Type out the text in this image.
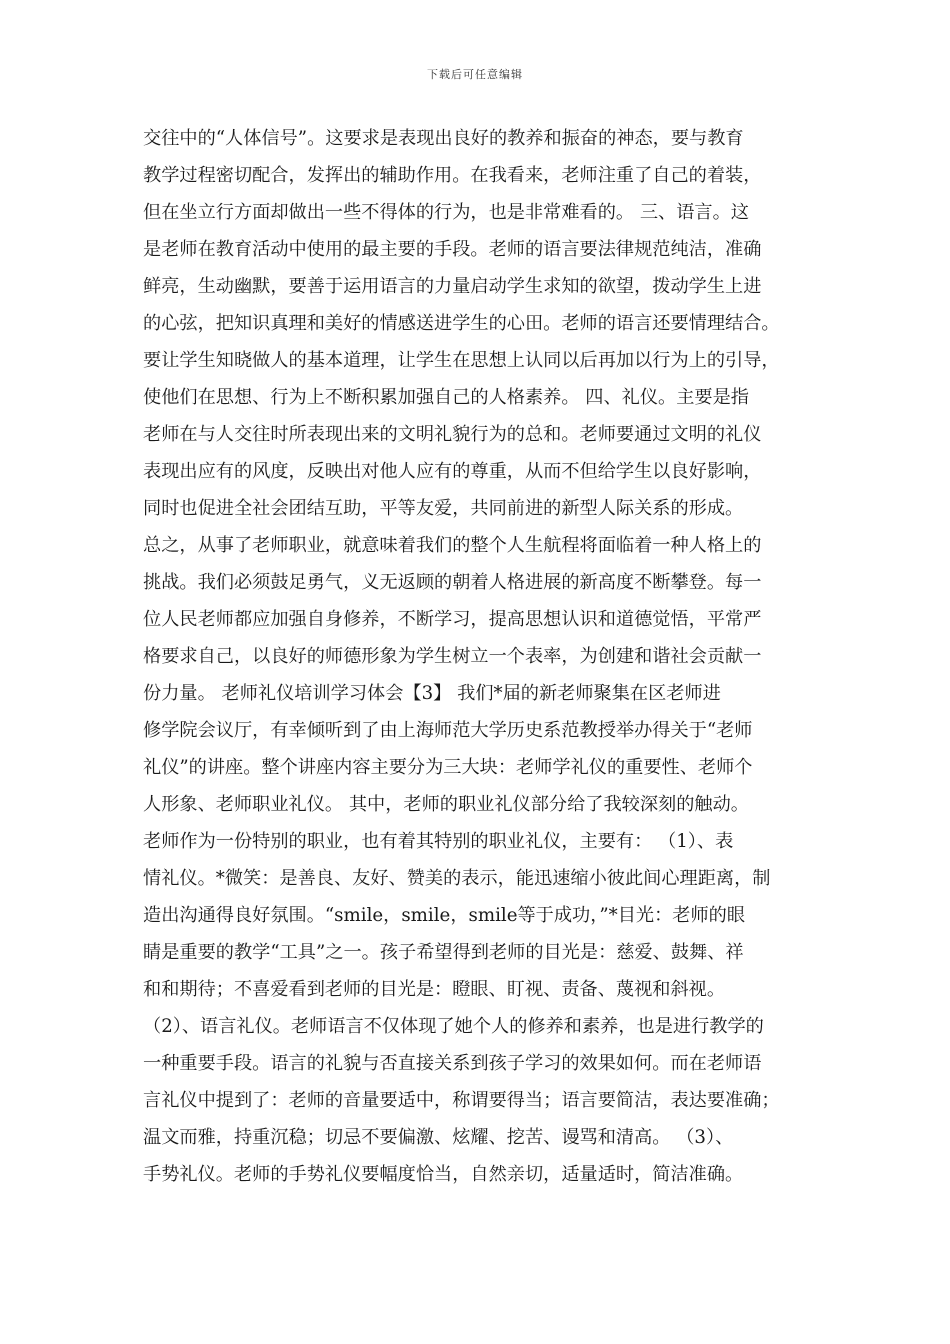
下载后可任意编辑
交往中的“人体信号”。这要求是表现出良好的教养和振奋的神态，要与教育
教学过程密切配合，发挥出的辅助作用。在我看来，老师注重了自己的着装，
但在坐立行方面却做出一些不得体的行为，也是非常难看的。 三、语言。这
是老师在教育活动中使用的最主要的手段。老师的语言要法律规范纯洁，准确
鲜亮，生动幽默，要善于运用语言的力量启动学生求知的欲望，拨动学生上进
的心弦，把知识真理和美好的情感送进学生的心田。老师的语言还要情理结合。
要让学生知晓做人的基本道理，让学生在思想上认同以后再加以行为上的引导，
使他们在思想、行为上不断积累加强自己的人格素养。 四、礼仪。主要是指
老师在与人交往时所表现出来的文明礼貌行为的总和。老师要通过文明的礼仪
表现出应有的风度，反映出对他人应有的尊重，从而不但给学生以良好影响，
同时也促进全社会团结互助，平等友爱，共同前进的新型人际关系的形成。
总之，从事了老师职业，就意味着我们的整个人生航程将面临着一种人格上的
挑战。我们必须鼓足勇气，义无返顾的朝着人格进展的新高度不断攀登。每一
位人民老师都应加强自身修养，不断学习，提高思想认识和道德觉悟，平常严
格要求自己，以良好的师德形象为学生树立一个表率，为创建和谐社会贡献一
份力量。 老师礼仪培训学习体会【3】 我们*届的新老师聚集在区老师进
修学院会议厅，有幸倾听到了由上海师范大学历史系范教授举办得关于“老师
礼仪”的讲座。整个讲座内容主要分为三大块：老师学礼仪的重要性、老师个
人形象、老师职业礼仪。 其中，老师的职业礼仪部分给了我较深刻的触动。
老师作为一份特别的职业，也有着其特别的职业礼仪，主要有： （1）、表
情礼仪。*微笑：是善良、友好、赞美的表示，能迅速缩小彼此间心理距离，制
造出沟通得良好氛围。“smile，smile，smile等于成功，”*目光：老师的眼
睛是重要的教学“工具”之一。孩子希望得到老师的目光是：慈爱、鼓舞、祥
和和期待；不喜爱看到老师的目光是：瞪眼、盯视、责备、蔑视和斜视。
（2）、语言礼仪。老师语言不仅体现了她个人的修养和素养，也是进行教学的
一种重要手段。语言的礼貌与否直接关系到孩子学习的效果如何。而在老师语
言礼仪中提到了：老师的音量要适中，称谓要得当；语言要简洁，表达要准确；
温文而雅，持重沉稳；切忌不要偏激、炫耀、挖苦、谩骂和清高。 （3）、
手势礼仪。老师的手势礼仪要幅度恰当，自然亲切，适量适时，简洁准确。
